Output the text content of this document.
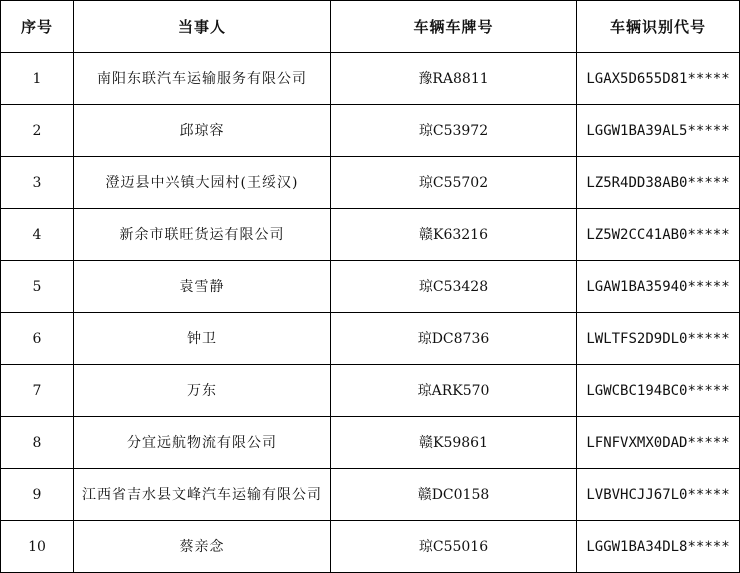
序号	当事人	车辆车牌号	车辆识别代号
1	南阳东联汽车运输服务有限公司	豫RA8811	LGAX5D655D81*****
2	邱琼容	琼C53972	LGGW1BA39AL5*****
3	澄迈县中兴镇大园村(王绥汉)	琼C55702	LZ5R4DD38AB0*****
4	新余市联旺货运有限公司	赣K63216	LZ5W2CC41AB0*****
5	袁雪静	琼C53428	LGAW1BA35940*****
6	钟卫	琼DC8736	LWLTFS2D9DL0*****
7	万东	琼ARK570	LGWCBC194BC0*****
8	分宜远航物流有限公司	赣K59861	LFNFVXMX0DAD*****
9	江西省吉水县文峰汽车运输有限公司	赣DC0158	LVBVHCJJ67L0*****
10	蔡亲念	琼C55016	LGGW1BA34DL8*****
